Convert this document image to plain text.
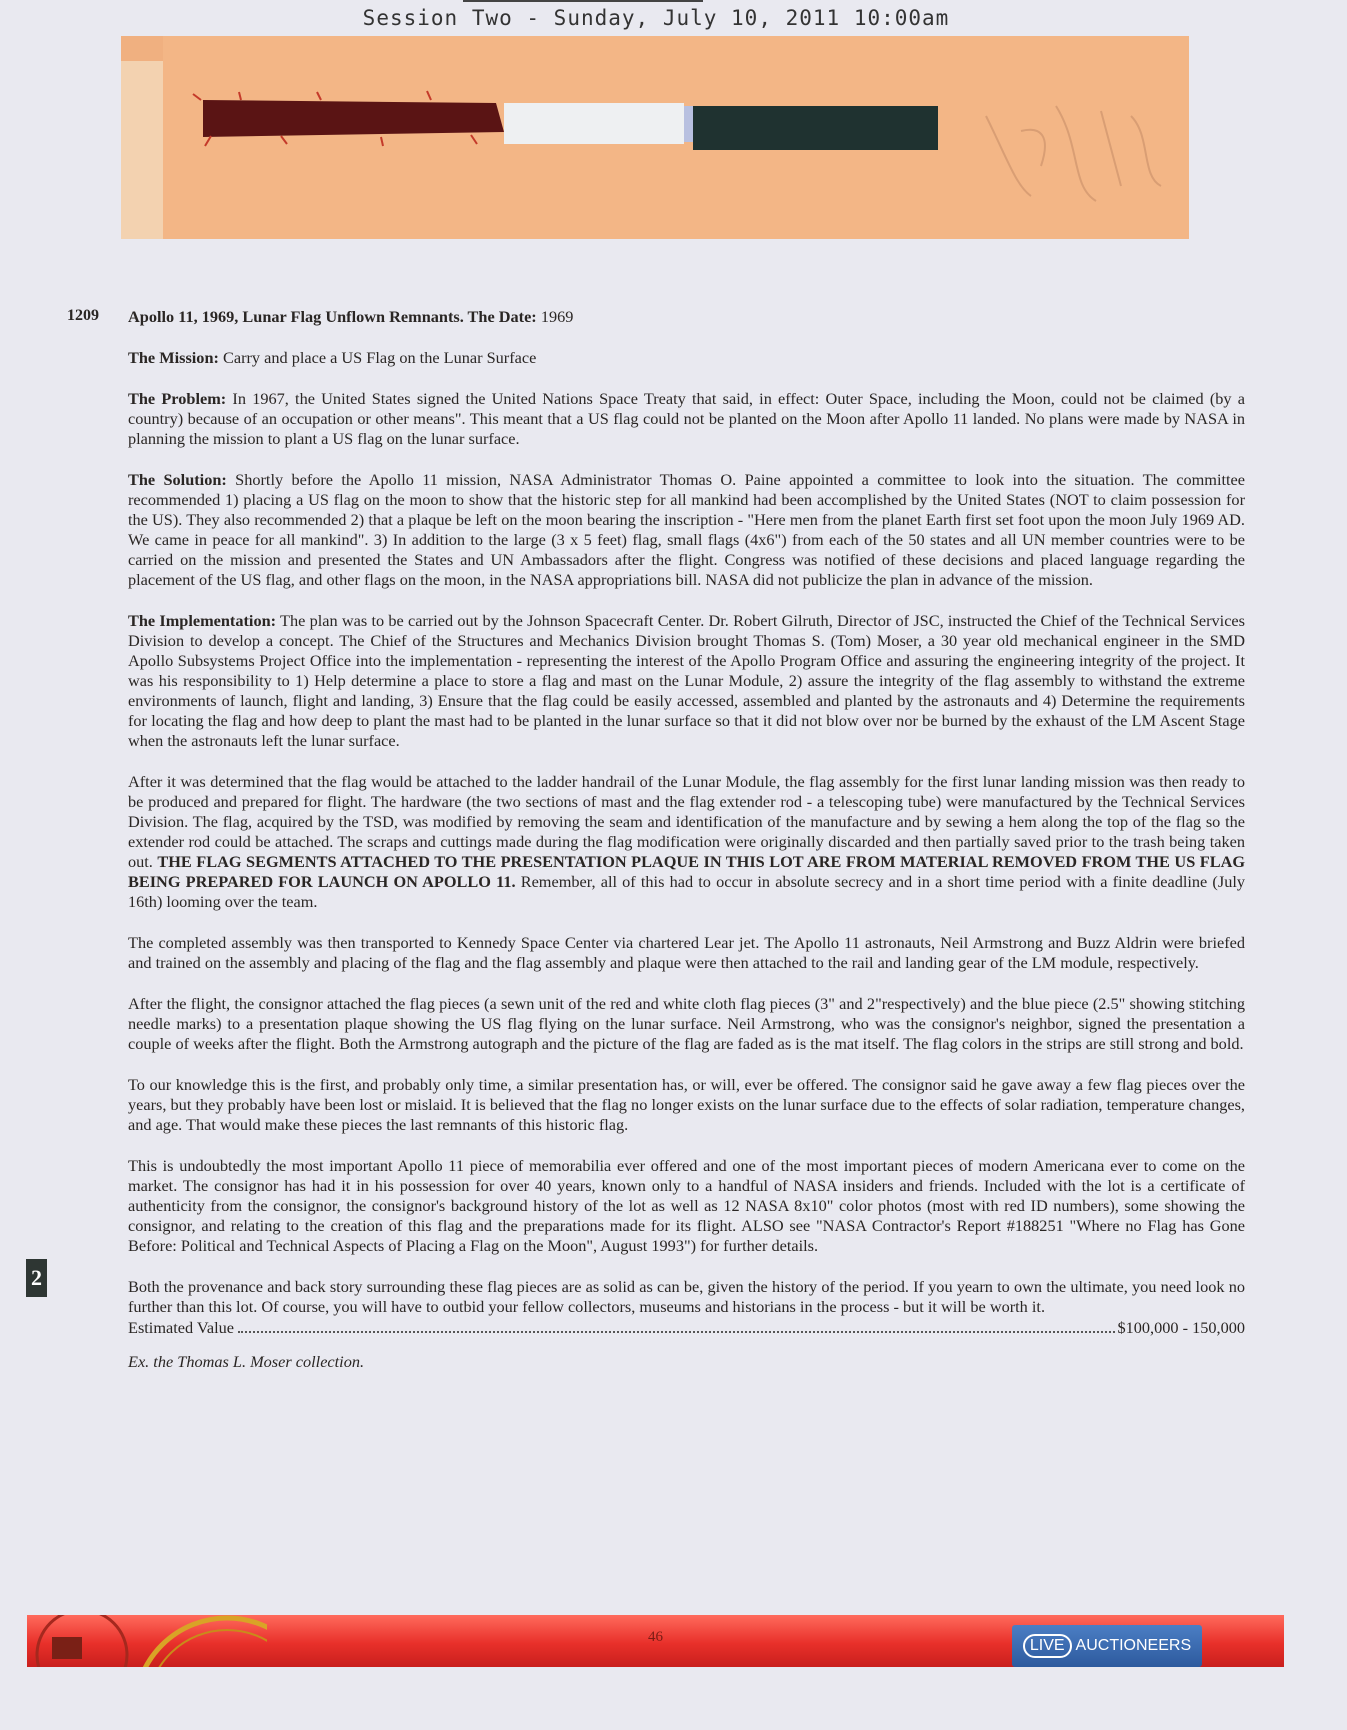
Session Two - Sunday, July 10, 2011 10:00am
1209 Apollo 11, 1969, Lunar Flag Unflown Remnants. The Date: 1969

The Mission: Carry and place a US Flag on the Lunar Surface

The Problem: In 1967, the United States signed the United Nations Space Treaty that said, in effect: Outer Space, including the Moon, could not be claimed (by a country) because of an occupation or other means". This meant that a US flag could not be planted on the Moon after Apollo 11 landed. No plans were made by NASA in planning the mission to plant a US flag on the lunar surface.

The Solution: Shortly before the Apollo 11 mission, NASA Administrator Thomas O. Paine appointed a committee to look into the situation. The committee recommended 1) placing a US flag on the moon to show that the historic step for all mankind had been accomplished by the United States (NOT to claim possession for the US). They also recommended 2) that a plaque be left on the moon bearing the inscription - "Here men from the planet Earth first set foot upon the moon July 1969 AD. We came in peace for all mankind". 3) In addition to the large (3 x 5 feet) flag, small flags (4x6") from each of the 50 states and all UN member countries were to be carried on the mission and presented the States and UN Ambassadors after the flight. Congress was notified of these decisions and placed language regarding the placement of the US flag, and other flags on the moon, in the NASA appropriations bill. NASA did not publicize the plan in advance of the mission.

The Implementation: The plan was to be carried out by the Johnson Spacecraft Center. Dr. Robert Gilruth, Director of JSC, instructed the Chief of the Technical Services Division to develop a concept. The Chief of the Structures and Mechanics Division brought Thomas S. (Tom) Moser, a 30 year old mechanical engineer in the SMD Apollo Subsystems Project Office into the implementation - representing the interest of the Apollo Program Office and assuring the engineering integrity of the project. It was his responsibility to 1) Help determine a place to store a flag and mast on the Lunar Module, 2) assure the integrity of the flag assembly to withstand the extreme environments of launch, flight and landing, 3) Ensure that the flag could be easily accessed, assembled and planted by the astronauts and 4) Determine the requirements for locating the flag and how deep to plant the mast had to be planted in the lunar surface so that it did not blow over nor be burned by the exhaust of the LM Ascent Stage when the astronauts left the lunar surface.

After it was determined that the flag would be attached to the ladder handrail of the Lunar Module, the flag assembly for the first lunar landing mission was then ready to be produced and prepared for flight. The hardware (the two sections of mast and the flag extender rod - a telescoping tube) were manufactured by the Technical Services Division. The flag, acquired by the TSD, was modified by removing the seam and identification of the manufacture and by sewing a hem along the top of the flag so the extender rod could be attached. The scraps and cuttings made during the flag modification were originally discarded and then partially saved prior to the trash being taken out. THE FLAG SEGMENTS ATTACHED TO THE PRESENTATION PLAQUE IN THIS LOT ARE FROM MATERIAL REMOVED FROM THE US FLAG BEING PREPARED FOR LAUNCH ON APOLLO 11. Remember, all of this had to occur in absolute secrecy and in a short time period with a finite deadline (July 16th) looming over the team.

The completed assembly was then transported to Kennedy Space Center via chartered Lear jet. The Apollo 11 astronauts, Neil Armstrong and Buzz Aldrin were briefed and trained on the assembly and placing of the flag and the flag assembly and plaque were then attached to the rail and landing gear of the LM module, respectively.

After the flight, the consignor attached the flag pieces (a sewn unit of the red and white cloth flag pieces (3" and 2"respectively) and the blue piece (2.5" showing stitching needle marks) to a presentation plaque showing the US flag flying on the lunar surface. Neil Armstrong, who was the consignor's neighbor, signed the presentation a couple of weeks after the flight. Both the Armstrong autograph and the picture of the flag are faded as is the mat itself. The flag colors in the strips are still strong and bold.

To our knowledge this is the first, and probably only time, a similar presentation has, or will, ever be offered. The consignor said he gave away a few flag pieces over the years, but they probably have been lost or mislaid. It is believed that the flag no longer exists on the lunar surface due to the effects of solar radiation, temperature changes, and age. That would make these pieces the last remnants of this historic flag.

This is undoubtedly the most important Apollo 11 piece of memorabilia ever offered and one of the most important pieces of modern Americana ever to come on the market. The consignor has had it in his possession for over 40 years, known only to a handful of NASA insiders and friends. Included with the lot is a certificate of authenticity from the consignor, the consignor's background history of the lot as well as 12 NASA 8x10" color photos (most with red ID numbers), some showing the consignor, and relating to the creation of this flag and the preparations made for its flight. ALSO see "NASA Contractor's Report #188251 "Where no Flag has Gone Before: Political and Technical Aspects of Placing a Flag on the Moon", August 1993") for further details.

Both the provenance and back story surrounding these flag pieces are as solid as can be, given the history of the period. If you yearn to own the ultimate, you need look no further than this lot. Of course, you will have to outbid your fellow collectors, museums and historians in the process - but it will be worth it.

Estimated Value	$100,000 - 150,000
Ex. the Thomas L. Moser collection.
2
46	LIVE AUCTIONEERS
